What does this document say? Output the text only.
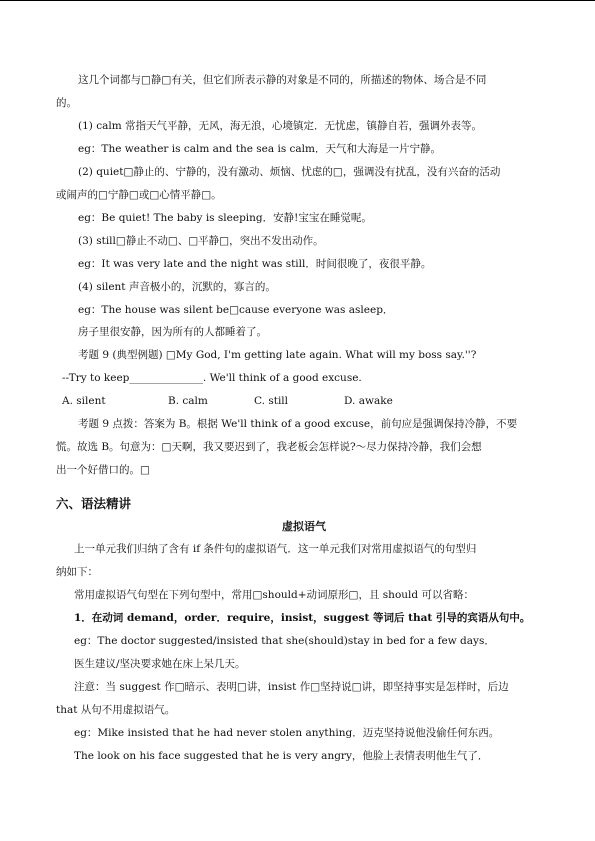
这几个词都与□静□有关，但它们所表示静的对象是不同的，所描述的物体、场合是不同

的。

(1) calm 常指天气平静，无风，海无浪，心境镇定．无忧虑，镇静自若，强调外表等。

eg：The weather is calm and the sea is calm．天气和大海是一片宁静。

(2) quiet□静止的、宁静的，没有激动、烦恼、忧虑的□，强调没有扰乱，没有兴奋的活动

或闹声的□宁静□或□心情平静□。

eg：Be quiet! The baby is sleeping．安静!宝宝在睡觉呢。

(3) still□静止不动□、□平静□，突出不发出动作。

eg：It was very late and the night was still．时间很晚了，夜很平静。

(4) silent 声音极小的，沉默的，寡言的。

eg：The house was silent be□cause everyone was asleep．

房子里很安静，因为所有的人都睡着了。

考题 9 (典型例题) □My God, I'm getting late again. What will my boss say.''?

--Try to keep______________. We'll think of a good excuse.

A. silent	B. calm	C. still	D. awake

考题 9 点拨：答案为 B。根据 We'll think of a good excuse，前句应是强调保持冷静，不要

慌。故选 B。句意为：□天啊，我又要迟到了，我老板会怎样说?～尽力保持冷静，我们会想

出一个好借口的。□

六、语法精讲

虚拟语气

上一单元我们归纳了含有 if 条件句的虚拟语气．这一单元我们对常用虚拟语气的句型归

纳如下：

常用虚拟语气句型在下列句型中，常用□should+动词原形□，且 should 可以省略：

1．在动词 demand，order．require，insist，suggest 等词后 that 引导的宾语从句中。

eg：The doctor suggested/insisted that she(should)stay in bed for a few days．

医生建议/坚决要求她在床上呆几天。

注意：当 suggest 作□暗示、表明□讲，insist 作□坚持说□讲，即坚持事实是怎样时，后边

that 从句不用虚拟语气。

eg：Mike insisted that he had never stolen anything．迈克坚持说他没偷任何东西。

The look on his face suggested that he is very angry，他脸上表情表明他生气了．
